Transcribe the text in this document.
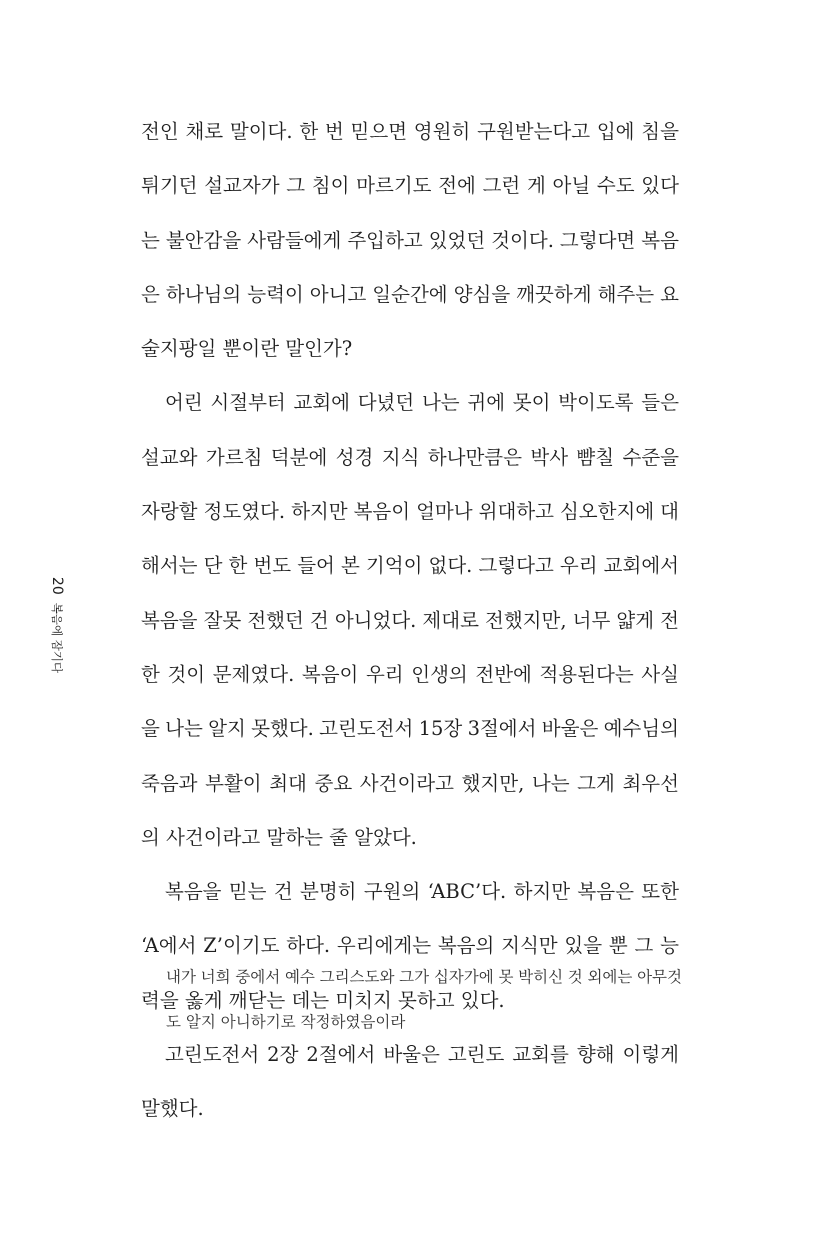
20
복음에 잠기다
전인 채로 말이다. 한 번 믿으면 영원히 구원받는다고 입에 침을
튀기던 설교자가 그 침이 마르기도 전에 그런 게 아닐 수도 있다
는 불안감을 사람들에게 주입하고 있었던 것이다. 그렇다면 복음
은 하나님의 능력이 아니고 일순간에 양심을 깨끗하게 해주는 요
술지팡일 뿐이란 말인가?
어린 시절부터 교회에 다녔던 나는 귀에 못이 박이도록 들은
설교와 가르침 덕분에 성경 지식 하나만큼은 박사 뺨칠 수준을
자랑할 정도였다. 하지만 복음이 얼마나 위대하고 심오한지에 대
해서는 단 한 번도 들어 본 기억이 없다. 그렇다고 우리 교회에서
복음을 잘못 전했던 건 아니었다. 제대로 전했지만, 너무 얇게 전
한 것이 문제였다. 복음이 우리 인생의 전반에 적용된다는 사실
을 나는 알지 못했다. 고린도전서 15장 3절에서 바울은 예수님의
죽음과 부활이 최대 중요 사건이라고 했지만, 나는 그게 최우선
의 사건이라고 말하는 줄 알았다.
복음을 믿는 건 분명히 구원의 ‘ABC’다. 하지만 복음은 또한
‘A에서 Z’이기도 하다. 우리에게는 복음의 지식만 있을 뿐 그 능
력을 옳게 깨닫는 데는 미치지 못하고 있다.
고린도전서 2장 2절에서 바울은 고린도 교회를 향해 이렇게
말했다.
내가 너희 중에서 예수 그리스도와 그가 십자가에 못 박히신 것 외에는 아무것
도 알지 아니하기로 작정하였음이라
